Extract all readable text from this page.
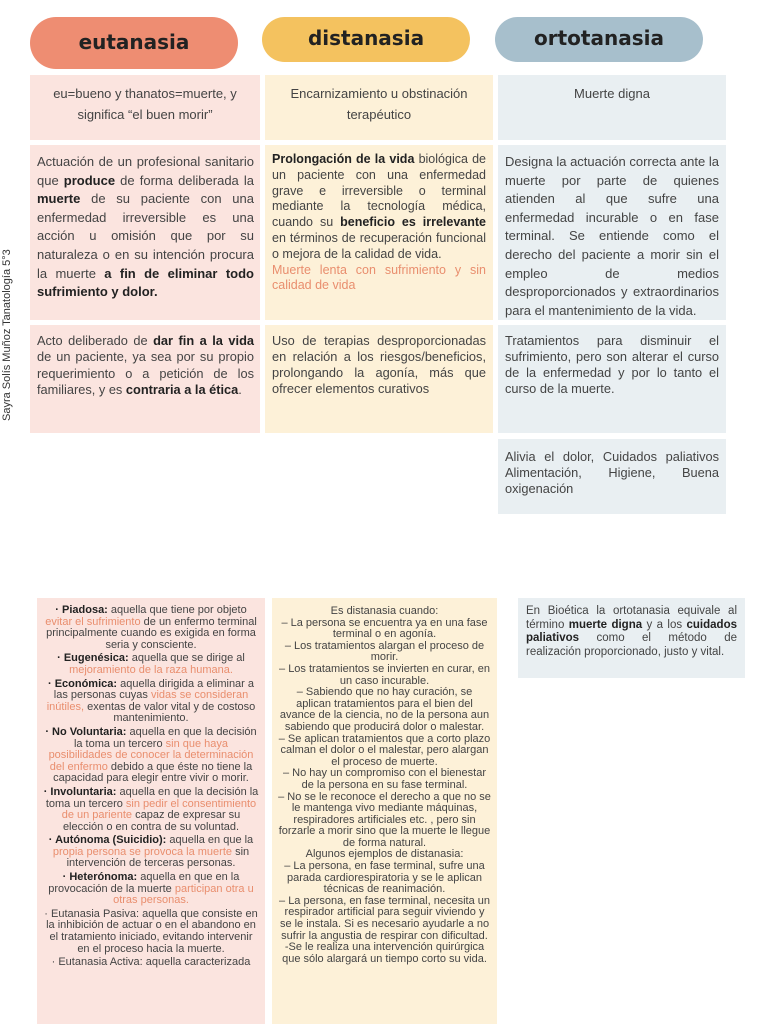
Sayra Solís Muñoz Tanatología 5°3
eutanasia	distanasia	ortotanasia
eu=bueno y thanatos=muerte, y significa “el buen morir”
Encarnizamiento u obstinación terapéutico
Muerte digna
Actuación de un profesional sanitario que produce de forma deliberada la muerte de su paciente con una enfermedad irreversible es una acción u omisión que por su naturaleza o en su intención procura la muerte a fin de eliminar todo sufrimiento y dolor.
Prolongación de la vida biológica de un paciente con una enfermedad grave e irreversible o terminal mediante la tecnología médica, cuando su beneficio es irrelevante en términos de recuperación funcional o mejora de la calidad de vida.
Muerte lenta con sufrimiento y sin calidad de vida
Designa la actuación correcta ante la muerte por parte de quienes atienden al que sufre una enfermedad incurable o en fase terminal. Se entiende como el derecho del paciente a morir sin el empleo de medios desproporcionados y extraordinarios para el mantenimiento de la vida.
Acto deliberado de dar fin a la vida de un paciente, ya sea por su propio requerimiento o a petición de los familiares, y es contraria a la ética.
Uso de terapias desproporcionadas en relación a los riesgos/beneficios, prolongando la agonía, más que ofrecer elementos curativos
Tratamientos para disminuir el sufrimiento, pero son alterar el curso de la enfermedad y por lo tanto el curso de la muerte.
Alivia el dolor, Cuidados paliativos Alimentación, Higiene, Buena oxigenación
· Piadosa: aquella que tiene por objeto evitar el sufrimiento de un enfermo terminal principalmente cuando es exigida en forma seria y consciente.
· Eugenésica: aquella que se dirige al mejoramiento de la raza humana.
· Económica: aquella dirigida a eliminar a las personas cuyas vidas se consideran inútiles, exentas de valor vital y de costoso mantenimiento.
· No Voluntaria: aquella en que la decisión la toma un tercero sin que haya posibilidades de conocer la determinación del enfermo debido a que éste no tiene la capacidad para elegir entre vivir o morir.
· Involuntaria: aquella en que la decisión la toma un tercero sin pedir el consentimiento de un pariente capaz de expresar su elección o en contra de su voluntad.
· Autónoma (Suicidio): aquella en que la propia persona se provoca la muerte sin intervención de terceras personas.
· Heterónoma: aquella en que en la provocación de la muerte participan otra u otras personas.
· Eutanasia Pasiva: aquella que consiste en la inhibición de actuar o en el abandono en el tratamiento iniciado, evitando intervenir en el proceso hacia la muerte.
· Eutanasia Activa: aquella caracterizada
Es distanasia cuando:
– La persona se encuentra ya en una fase terminal o en agonía.
– Los tratamientos alargan el proceso de morir.
– Los tratamientos se invierten en curar, en un caso incurable.
– Sabiendo que no hay curación, se aplican tratamientos para el bien del avance de la ciencia, no de la persona aun sabiendo que producirá dolor o malestar.
– Se aplican tratamientos que a corto plazo calman el dolor o el malestar, pero alargan el proceso de muerte.
– No hay un compromiso con el bienestar de la persona en su fase terminal.
– No se le reconoce el derecho a que no se le mantenga vivo mediante máquinas, respiradores artificiales etc. , pero sin forzarle a morir sino que la muerte le llegue de forma natural.
Algunos ejemplos de distanasia:
– La persona, en fase terminal, sufre una parada cardiorespiratoria y se le aplican técnicas de reanimación.
– La persona, en fase terminal, necesita un respirador artificial para seguir viviendo y se le instala. Si es necesario ayudarle a no sufrir la angustia de respirar con dificultad.
-Se le realiza una intervención quirúrgica que sólo alargará un tiempo corto su vida.
En Bioética la ortotanasia equivale al término muerte digna y a los cuidados paliativos como el método de realización proporcionado, justo y vital.
